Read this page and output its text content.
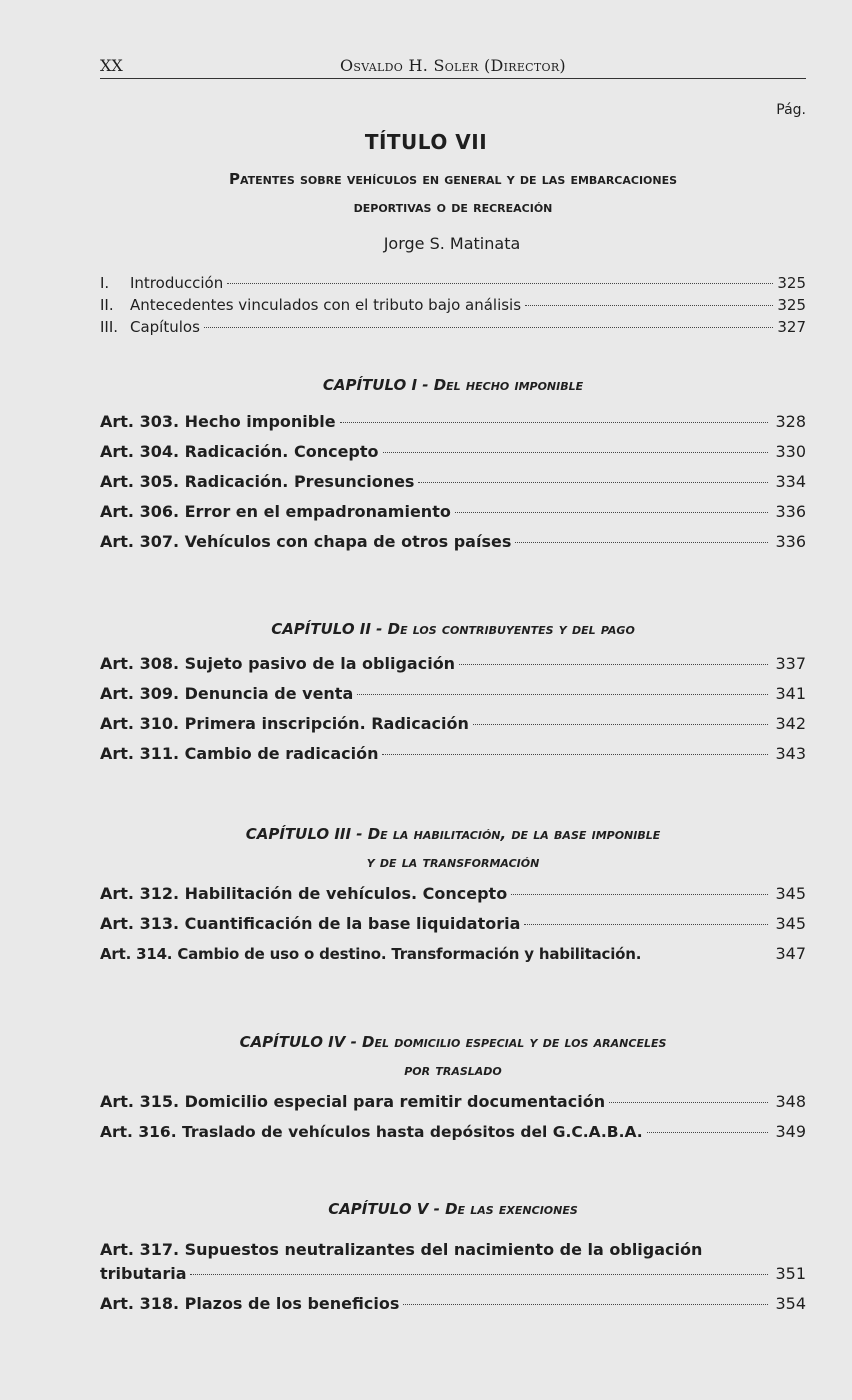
XX	Osvaldo H. Soler (Director)
Pág.
TÍTULO VII
Patentes sobre vehículos en general y de las embarcaciones
deportivas o de recreación
Jorge S. Matinata
I.	Introducción	325
II.	Antecedentes vinculados con el tributo bajo análisis	325
III. Capítulos	327
CAPÍTULO I - Del hecho imponible
Art. 303. Hecho imponible	328
Art. 304. Radicación. Concepto	330
Art. 305. Radicación. Presunciones	334
Art. 306. Error en el empadronamiento	336
Art. 307. Vehículos con chapa de otros países	336
CAPÍTULO II - De los contribuyentes y del pago
Art. 308. Sujeto pasivo de la obligación	337
Art. 309. Denuncia de venta	341
Art. 310. Primera inscripción. Radicación	342
Art. 311. Cambio de radicación	343
CAPÍTULO III - De la habilitación, de la base imponible
y de la transformación
Art. 312. Habilitación de vehículos. Concepto	345
Art. 313. Cuantificación de la base liquidatoria	345
Art. 314. Cambio de uso o destino. Transformación y habilitación.	347
CAPÍTULO IV - Del domicilio especial y de los aranceles
por traslado
Art. 315. Domicilio especial para remitir documentación	348
Art. 316. Traslado de vehículos hasta depósitos del G.C.A.B.A.	349
CAPÍTULO V - De las exenciones
Art. 317. Supuestos neutralizantes del nacimiento de la obligación
tributaria	351
Art. 318. Plazos de los beneficios	354
